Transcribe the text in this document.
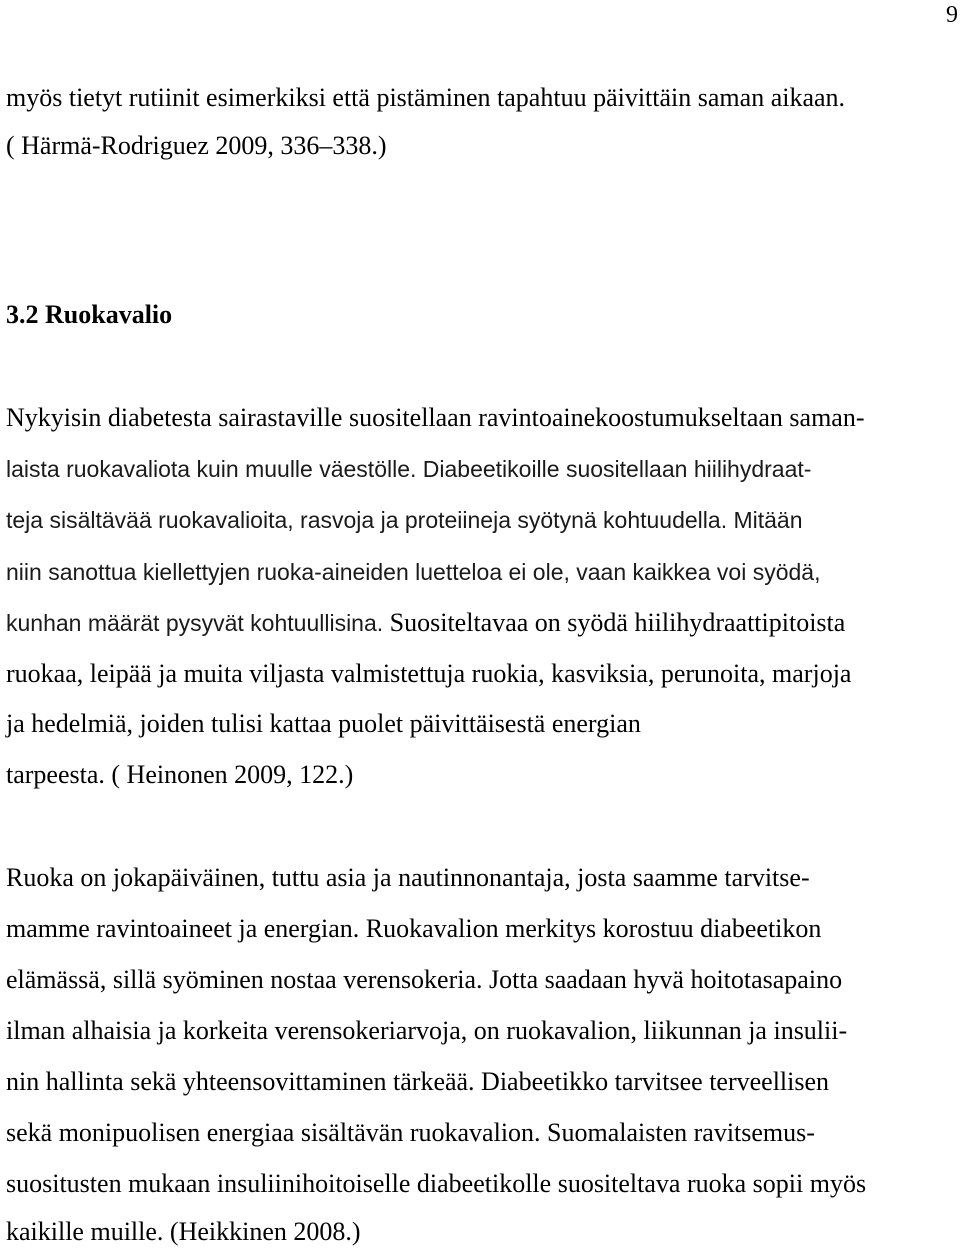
9
myös tietyt rutiinit esimerkiksi että pistäminen tapahtuu päivittäin saman aikaan.
( Härmä-Rodriguez 2009, 336–338.)
3.2 Ruokavalio
Nykyisin diabetesta sairastaville suositellaan ravintoainekoostumukseltaan saman-
laista ruokavaliota kuin muulle väestölle. Diabeetikoille suositellaan hiilihydraat-
teja sisältävää ruokavalioita, rasvoja ja proteiineja syötynä kohtuudella. Mitään
niin sanottua kiellettyjen ruoka-aineiden luetteloa ei ole, vaan kaikkea voi syödä,
kunhan määrät pysyvät kohtuullisina. Suositeltavaa on syödä hiilihydraattipitoista
ruokaa, leipää ja muita viljasta valmistettuja ruokia, kasviksia, perunoita, marjoja
ja hedelmiä, joiden tulisi kattaa puolet päivittäisestä energian
tarpeesta. ( Heinonen 2009, 122.)
Ruoka on jokapäiväinen, tuttu asia ja nautinnonantaja, josta saamme tarvitse-
mamme ravintoaineet ja energian. Ruokavalion merkitys korostuu diabeetikon
elämässä, sillä syöminen nostaa verensokeria. Jotta saadaan hyvä hoitotasapaino
ilman alhaisia ja korkeita verensokeriarvoja, on ruokavalion, liikunnan ja insulii-
nin hallinta sekä yhteensovittaminen tärkeää. Diabeetikko tarvitsee terveellisen
sekä monipuolisen energiaa sisältävän ruokavalion. Suomalaisten ravitsemus-
suositusten mukaan insuliinihoitoiselle diabeetikolle suositeltava ruoka sopii myös
kaikille muille. (Heikkinen 2008.)
